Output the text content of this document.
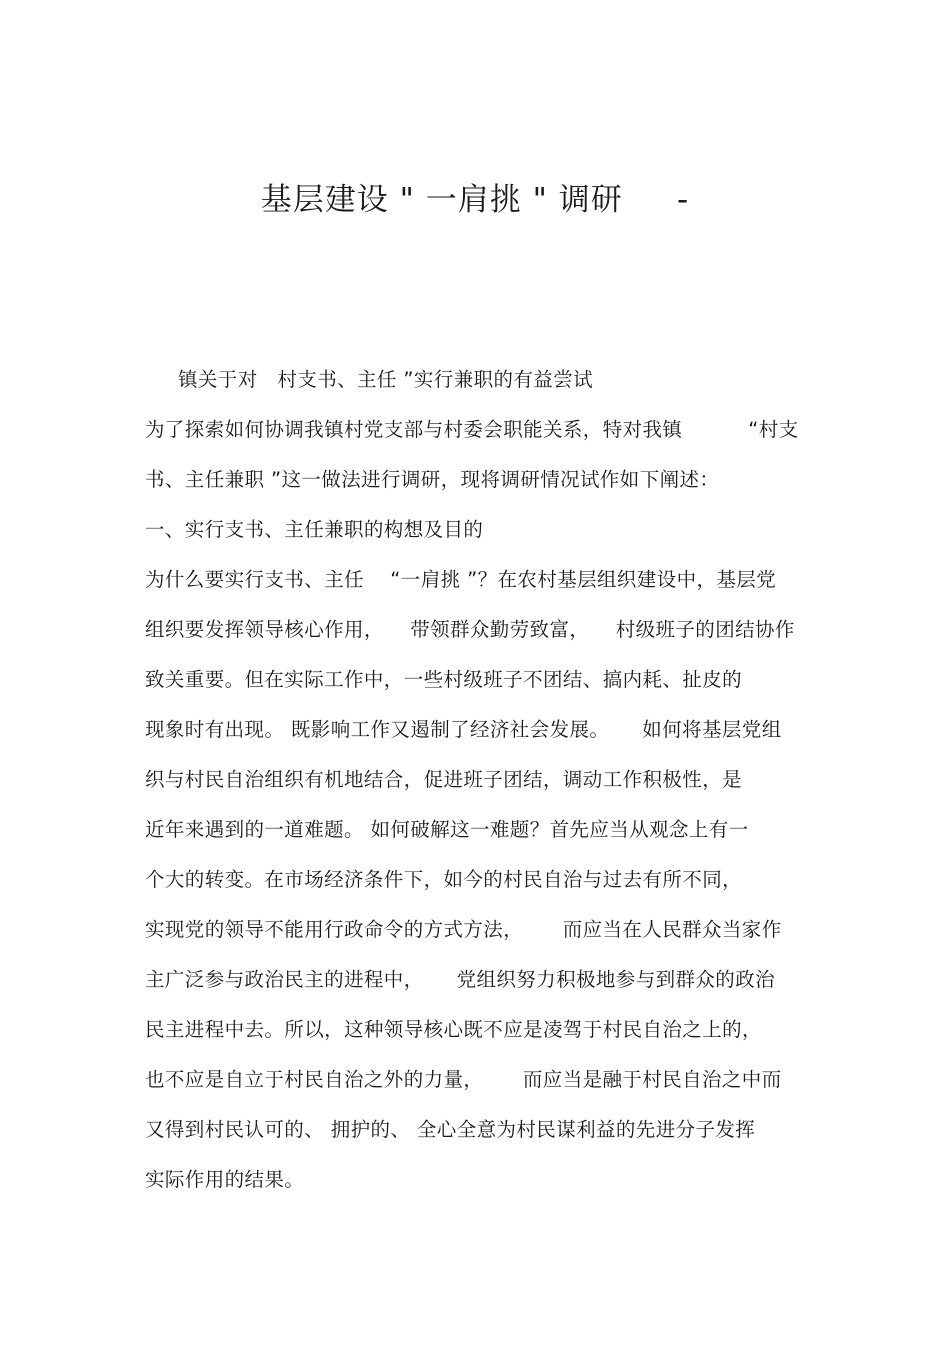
基层建设 " 一肩挑 " 调研     -
镇关于对   村支书、主任 ”实行兼职的有益尝试
为了探索如何协调我镇村党支部与村委会职能关系，特对我镇          “村支
书、主任兼职 ”这一做法进行调研，现将调研情况试作如下阐述：
一、实行支书、主任兼职的构想及目的
为什么要实行支书、主任    “一肩挑 ”？在农村基层组织建设中，基层党
组织要发挥领导核心作用，    带领群众勤劳致富，    村级班子的团结协作
致关重要。但在实际工作中，一些村级班子不团结、搞内耗、扯皮的
现象时有出现。 既影响工作又遏制了经济社会发展。     如何将基层党组
织与村民自治组织有机地结合，促进班子团结，调动工作积极性，是
近年来遇到的一道难题。 如何破解这一难题？首先应当从观念上有一
个大的转变。在市场经济条件下，如今的村民自治与过去有所不同，
实现党的领导不能用行政命令的方式方法，      而应当在人民群众当家作
主广泛参与政治民主的进程中，     党组织努力积极地参与到群众的政治
民主进程中去。所以，这种领导核心既不应是凌驾于村民自治之上的，
也不应是自立于村民自治之外的力量，      而应当是融于村民自治之中而
又得到村民认可的、 拥护的、 全心全意为村民谋利益的先进分子发挥
实际作用的结果。
